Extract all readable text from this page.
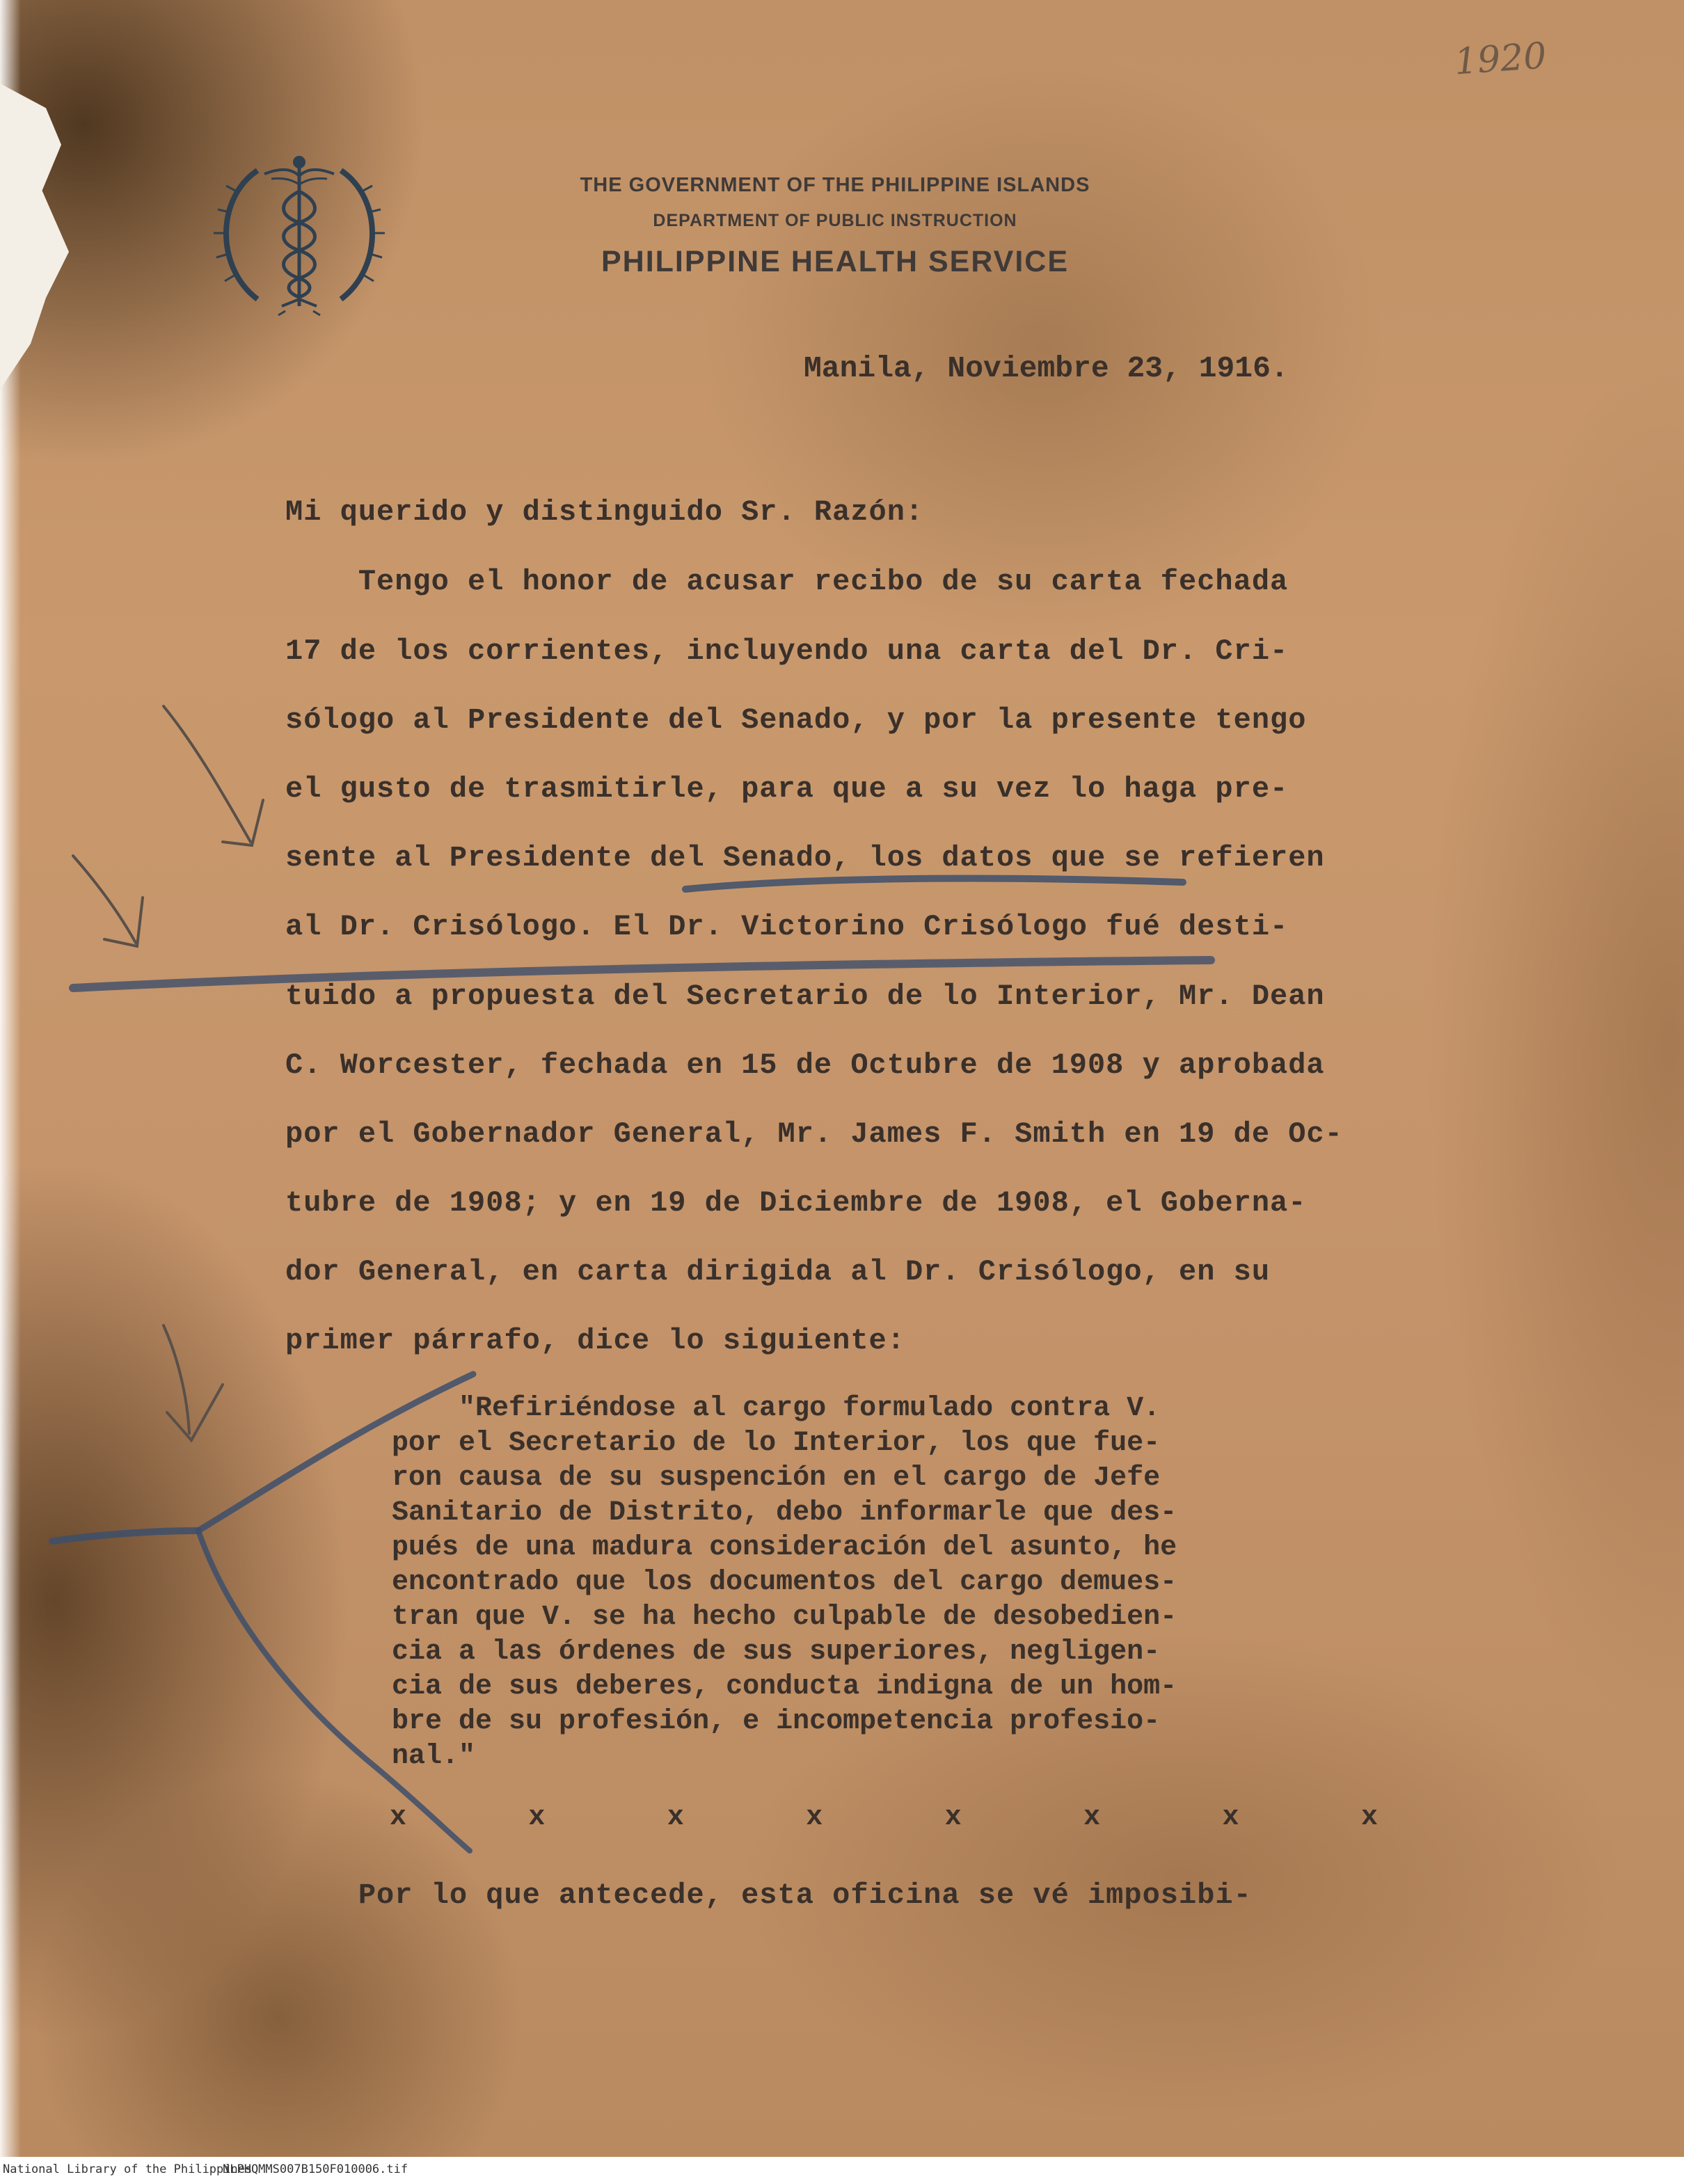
1920
THE GOVERNMENT OF THE PHILIPPINE ISLANDS
DEPARTMENT OF PUBLIC INSTRUCTION
PHILIPPINE HEALTH SERVICE
Manila, Noviembre 23, 1916.
Mi querido y distinguido Sr. Razón:
Tengo el honor de acusar recibo de su carta fechada
17 de los corrientes, incluyendo una carta del Dr. Cri-
sólogo al Presidente del Senado, y por la presente tengo
el gusto de trasmitirle, para que a su vez lo haga pre-
sente al Presidente del Senado, los datos que se refieren
al Dr. Crisólogo. El Dr. Victorino Crisólogo fué desti-
tuido a propuesta del Secretario de lo Interior, Mr. Dean
C. Worcester, fechada en 15 de Octubre de 1908 y aprobada
por el Gobernador General, Mr. James F. Smith en 19 de Oc-
tubre de 1908; y en 19 de Diciembre de 1908, el Goberna-
dor General, en carta dirigida al Dr. Crisólogo, en su
primer párrafo, dice lo siguiente:
"Refiriéndose al cargo formulado contra V.
por el Secretario de lo Interior, los que fue-
ron causa de su suspención en el cargo de Jefe
Sanitario de Distrito, debo informarle que des-
pués de una madura consideración del asunto, he
encontrado que los documentos del cargo demues-
tran que V. se ha hecho culpable de desobedien-
cia a las órdenes de sus superiores, negligen-
cia de sus deberes, conducta indigna de un hom-
bre de su profesión, e incompetencia profesio-
nal."
x	x	x	x	x	x	x	x
Por lo que antecede, esta oficina se vé imposibi-
National Library of the Philippines
NLPHQMMS007B150F010006.tif
